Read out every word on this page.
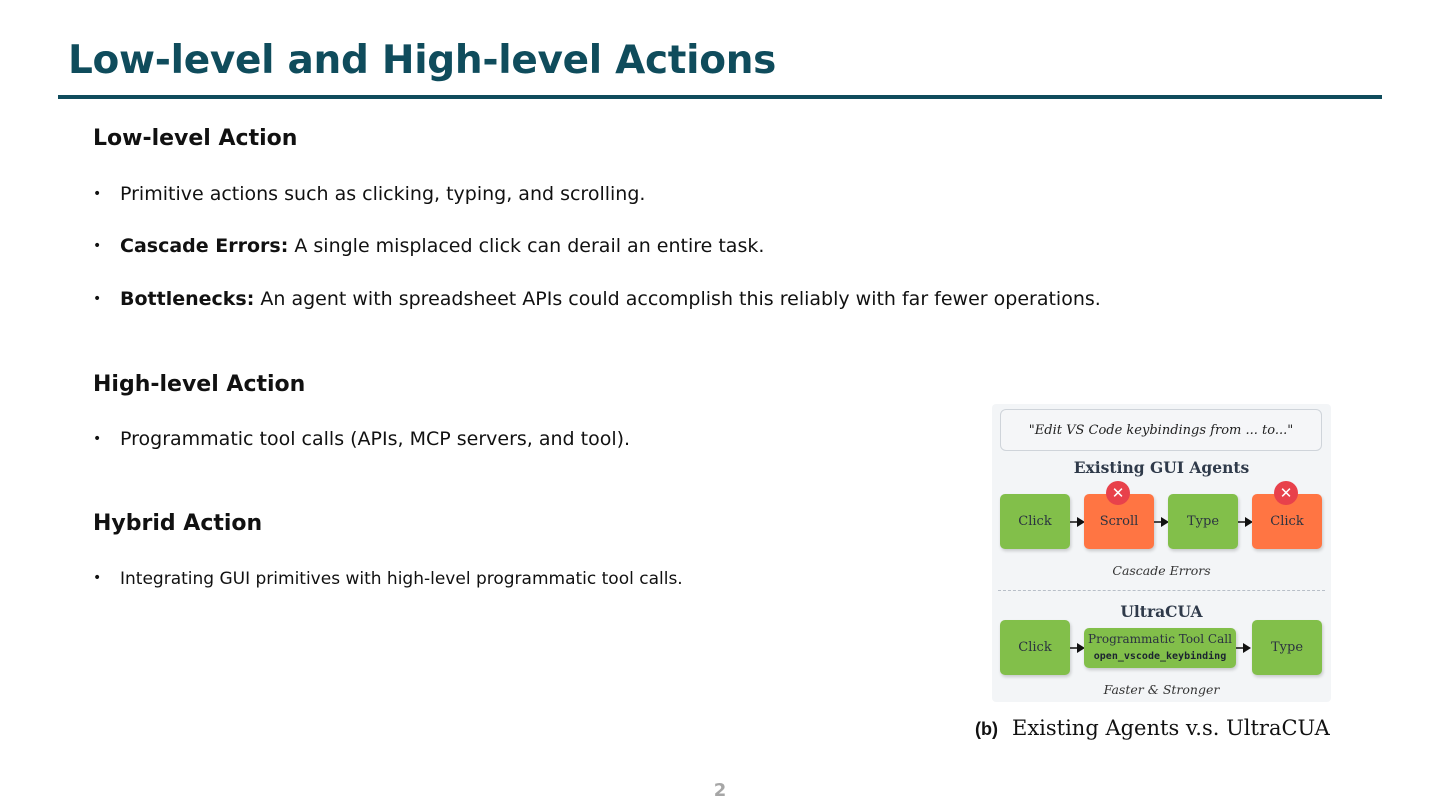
Low-level and High-level Actions
Low-level Action

• Primitive actions such as clicking, typing, and scrolling.

• Cascade Errors: A single misplaced click can derail an entire task.

• Bottlenecks: An agent with spreadsheet APIs could accomplish this reliably with far fewer operations.

High-level Action

• Programmatic tool calls (APIs, MCP servers, and tool).

Hybrid Action

•	Integrating GUI primitives with high-level programmatic tool calls.

"Edit VS Code keybindings from ... to..."
Existing GUI Agents
Click	Scroll
✕
Type	Click
✕
Cascade Errors
UltraCUA
Click
Programmatic Tool Call
open_vscode_keybinding
Type
Faster & Stronger
(b) Existing Agents v.s. UltraCUA
2
